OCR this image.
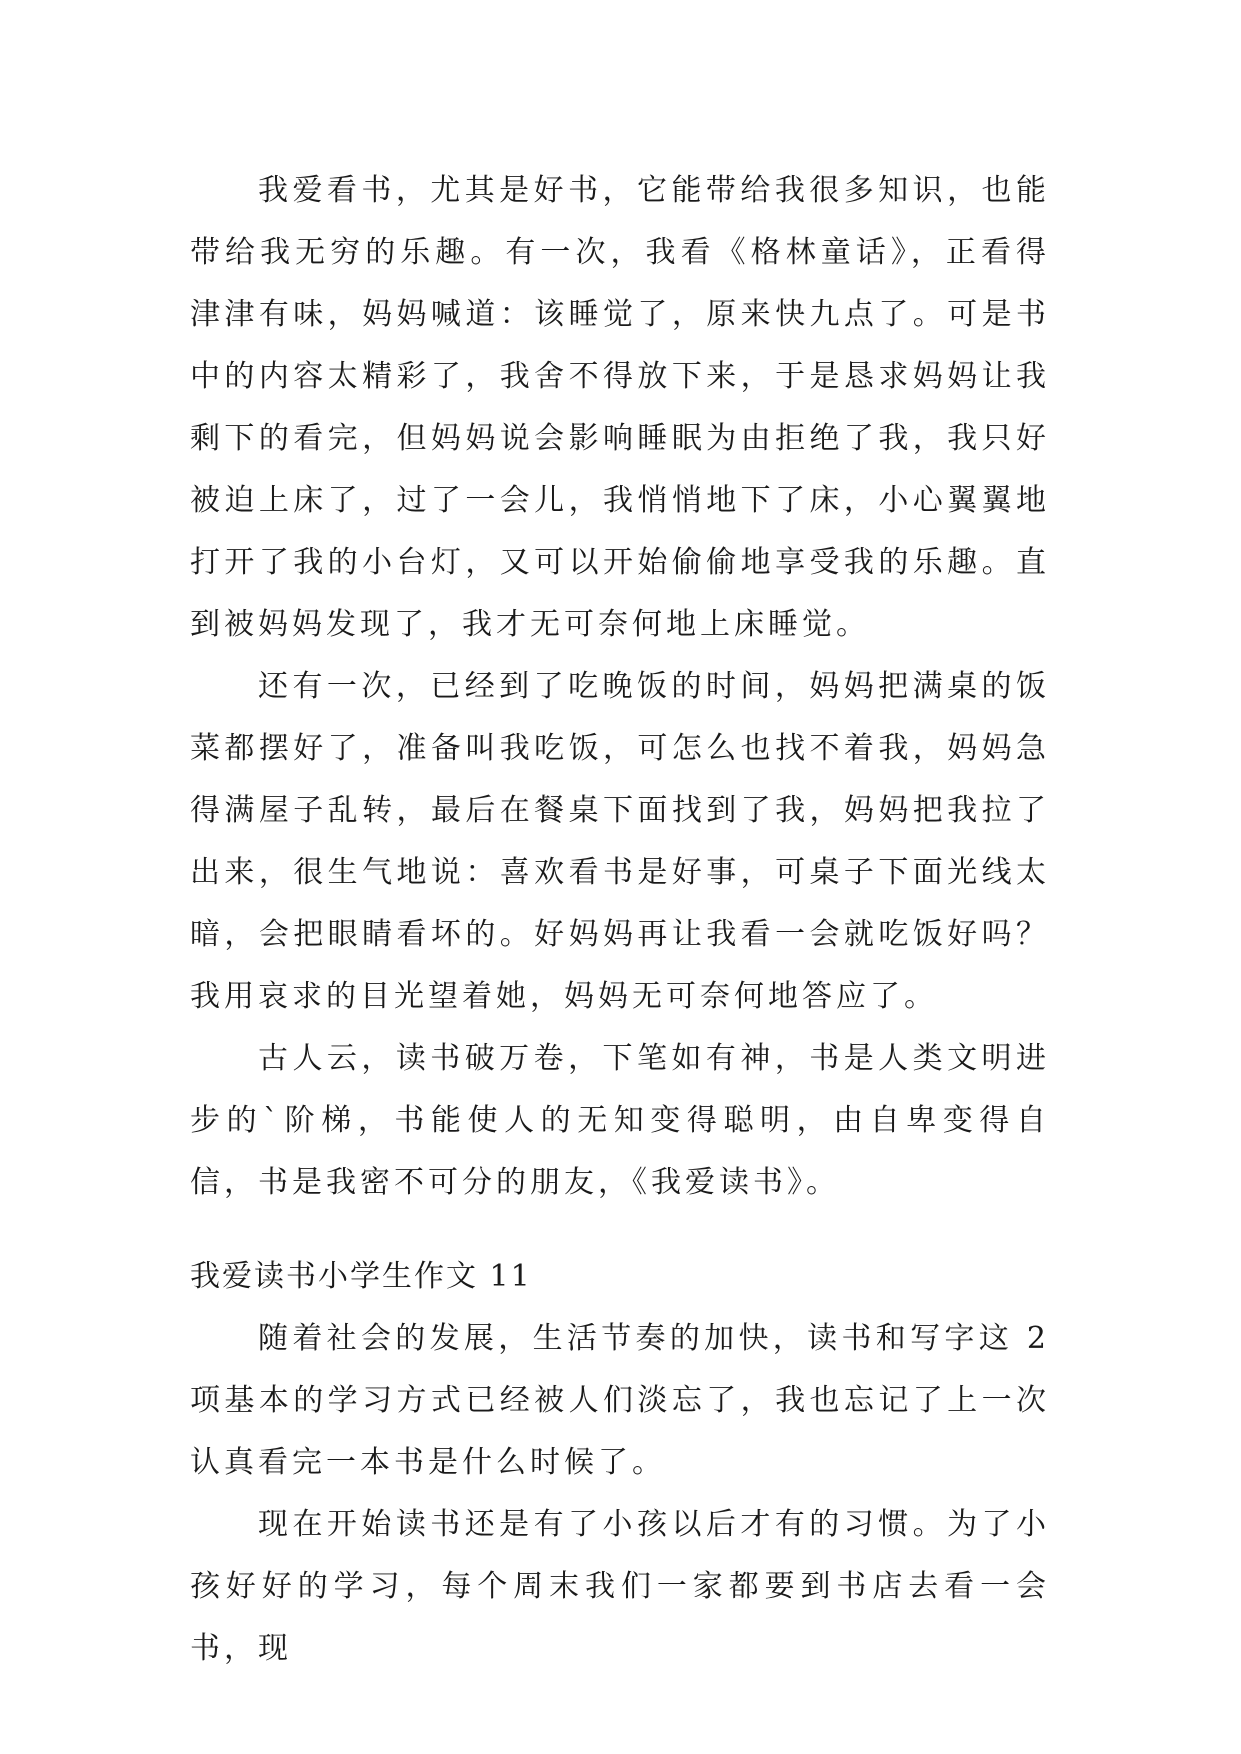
我爱看书，尤其是好书，它能带给我很多知识，也能带给我无穷的乐趣。有一次，我看《格林童话》，正看得津津有味，妈妈喊道：该睡觉了，原来快九点了。可是书中的内容太精彩了，我舍不得放下来，于是恳求妈妈让我剩下的看完，但妈妈说会影响睡眠为由拒绝了我，我只好被迫上床了，过了一会儿，我悄悄地下了床，小心翼翼地打开了我的小台灯，又可以开始偷偷地享受我的乐趣。直到被妈妈发现了，我才无可奈何地上床睡觉。

还有一次，已经到了吃晚饭的时间，妈妈把满桌的饭菜都摆好了，准备叫我吃饭，可怎么也找不着我，妈妈急得满屋子乱转，最后在餐桌下面找到了我，妈妈把我拉了出来，很生气地说：喜欢看书是好事，可桌子下面光线太暗，会把眼睛看坏的。好妈妈再让我看一会就吃饭好吗？我用哀求的目光望着她，妈妈无可奈何地答应了。

古人云，读书破万卷，下笔如有神，书是人类文明进步的`阶梯，书能使人的无知变得聪明，由自卑变得自信，书是我密不可分的朋友，《我爱读书》。

我爱读书小学生作文 11

随着社会的发展，生活节奏的加快，读书和写字这 2 项基本的学习方式已经被人们淡忘了，我也忘记了上一次认真看完一本书是什么时候了。

现在开始读书还是有了小孩以后才有的习惯。为了小孩好好的学习，每个周末我们一家都要到书店去看一会书，现
